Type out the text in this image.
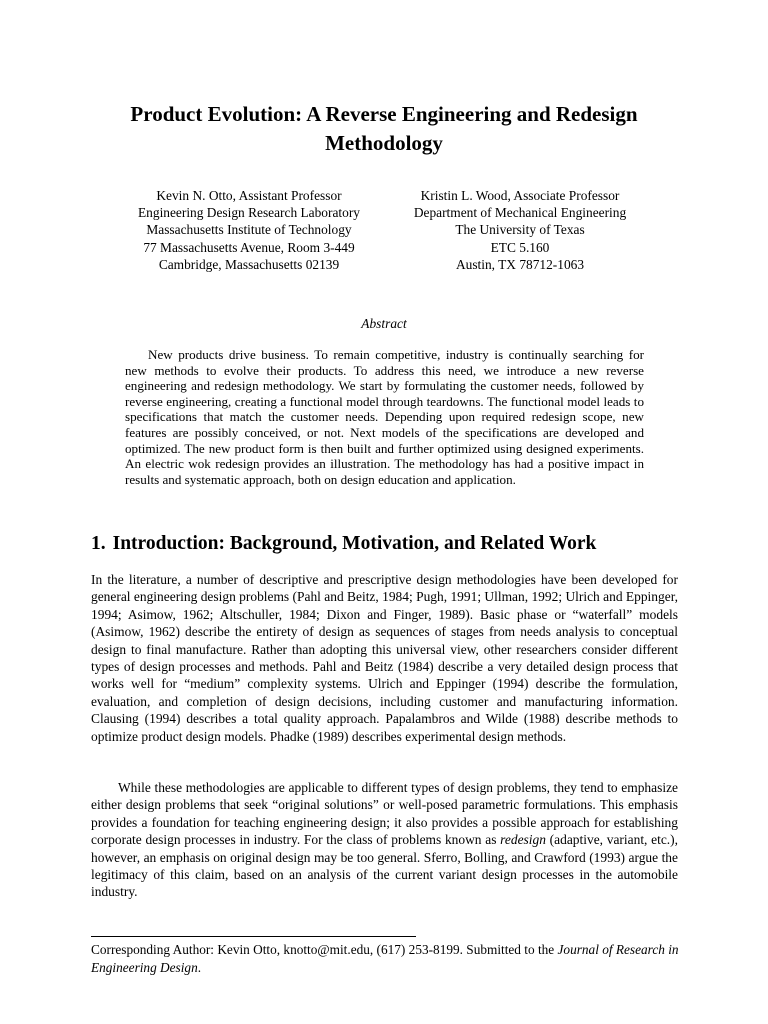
Product Evolution: A Reverse Engineering and Redesign
Methodology
Kevin N. Otto, Assistant Professor
Engineering Design Research Laboratory
Massachusetts Institute of Technology
77 Massachusetts Avenue, Room 3-449
Cambridge, Massachusetts 02139
Kristin L. Wood, Associate Professor
Department of Mechanical Engineering
The University of Texas
ETC 5.160
Austin, TX 78712-1063
Abstract

New products drive business. To remain competitive, industry is continually searching for new methods to evolve their products. To address this need, we introduce a new reverse engineering and redesign methodology. We start by formulating the customer needs, followed by reverse engineering, creating a functional model through teardowns. The functional model leads to specifications that match the customer needs. Depending upon required redesign scope, new features are possibly conceived, or not. Next models of the specifications are developed and optimized. The new product form is then built and further optimized using designed experiments. An electric wok redesign provides an illustration. The methodology has had a positive impact in results and systematic approach, both on design education and application.

1. Introduction: Background, Motivation, and Related Work

In the literature, a number of descriptive and prescriptive design methodologies have been developed for general engineering design problems (Pahl and Beitz, 1984; Pugh, 1991; Ullman, 1992; Ulrich and Eppinger, 1994; Asimow, 1962; Altschuller, 1984; Dixon and Finger, 1989). Basic phase or “waterfall” models (Asimow, 1962) describe the entirety of design as sequences of stages from needs analysis to conceptual design to final manufacture. Rather than adopting this universal view, other researchers consider different types of design processes and methods. Pahl and Beitz (1984) describe a very detailed design process that works well for “medium” complexity systems. Ulrich and Eppinger (1994) describe the formulation, evaluation, and completion of design decisions, including customer and manufacturing information. Clausing (1994) describes a total quality approach. Papalambros and Wilde (1988) describe methods to optimize product design models. Phadke (1989) describes experimental design methods.

While these methodologies are applicable to different types of design problems, they tend to emphasize either design problems that seek “original solutions” or well-posed parametric formulations. This emphasis provides a foundation for teaching engineering design; it also provides a possible approach for establishing corporate design processes in industry. For the class of problems known as redesign (adaptive, variant, etc.), however, an emphasis on original design may be too general. Sferro, Bolling, and Crawford (1993) argue the legitimacy of this claim, based on an analysis of the current variant design processes in the automobile industry.

Corresponding Author: Kevin Otto, knotto@mit.edu, (617) 253-8199. Submitted to the Journal of Research in Engineering Design.
